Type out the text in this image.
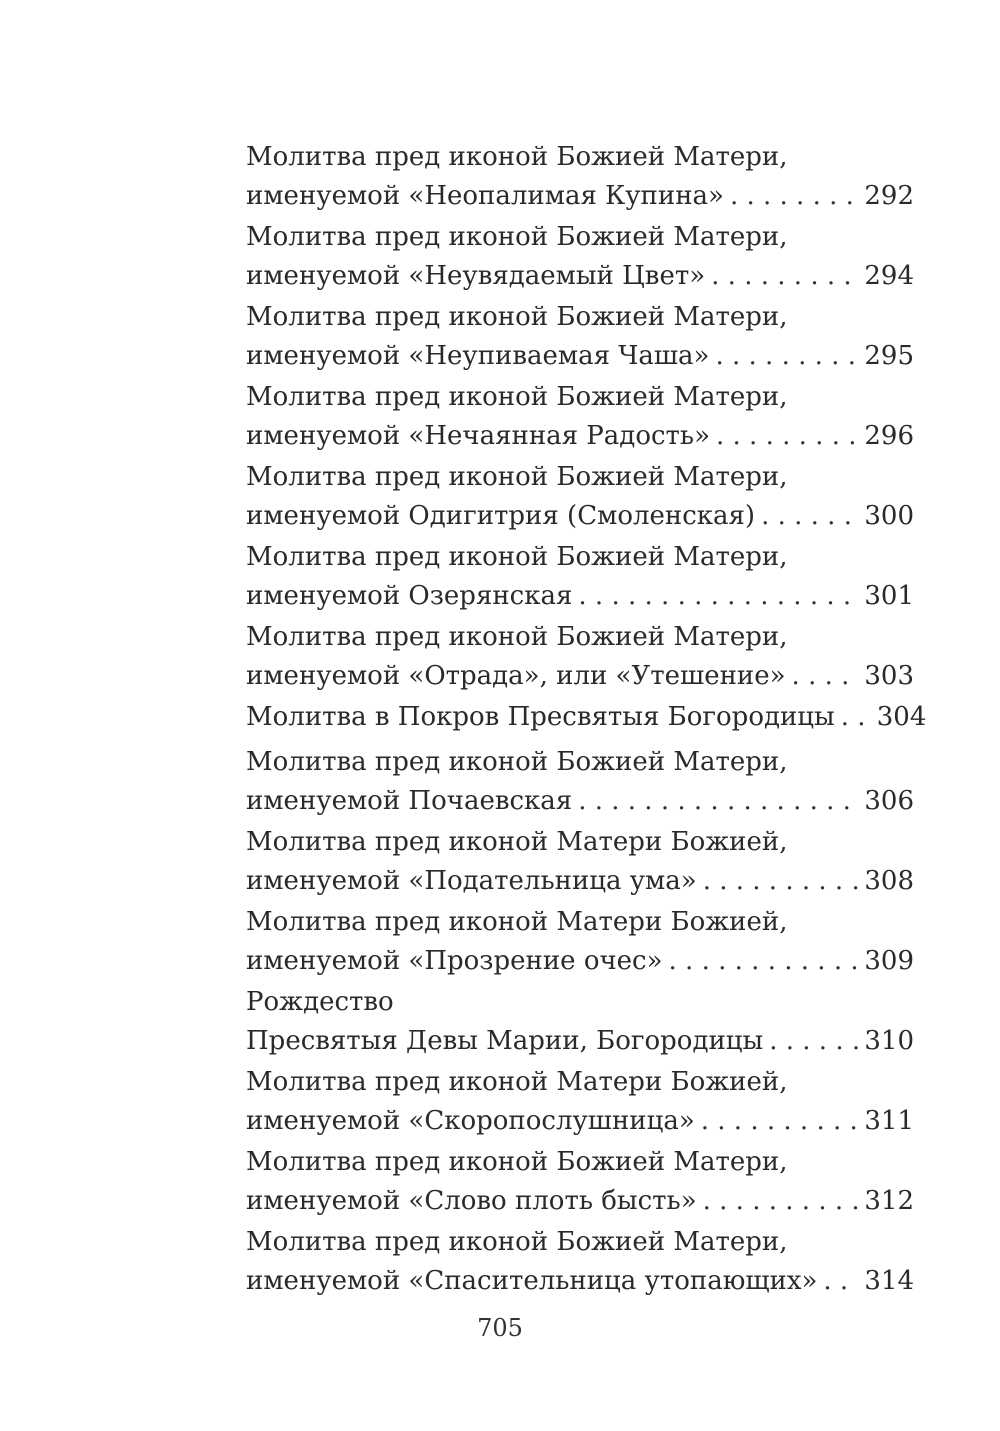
Молитва пред иконой Божией Матери,
именуемой «Неопалимая Купина» . . .	292
Молитва пред иконой Божией Матери,
именуемой «Неувядаемый Цвет» . . .	294
Молитва пред иконой Божией Матери,
именуемой «Неупиваемая Чаша» . . .	295
Молитва пред иконой Божией Матери,
именуемой «Нечаянная Радость» . . .	296
Молитва пред иконой Божией Матери,
именуемой Одигитрия (Смоленская) . . .	300
Молитва пред иконой Божией Матери,
именуемой Озерянская . . .	301
Молитва пред иконой Божией Матери,
именуемой «Отрада», или «Утешение» . . .	303
Молитва в Покров Пресвятыя Богородицы . . . 304
Молитва пред иконой Божией Матери,
именуемой Почаевская . . .	306
Молитва пред иконой Матери Божией,
именуемой «Подательница ума» . . .	308
Молитва пред иконой Матери Божией,
именуемой «Прозрение очес» . . .	309
Рождество
Пресвятыя Девы Марии, Богородицы . . .	310
Молитва пред иконой Матери Божией,
именуемой «Скоропослушница» . . .	311
Молитва пред иконой Божией Матери,
именуемой «Слово плоть бысть» . . .	312
Молитва пред иконой Божией Матери,
именуемой «Спасительница утопающих» . . . 314
705
